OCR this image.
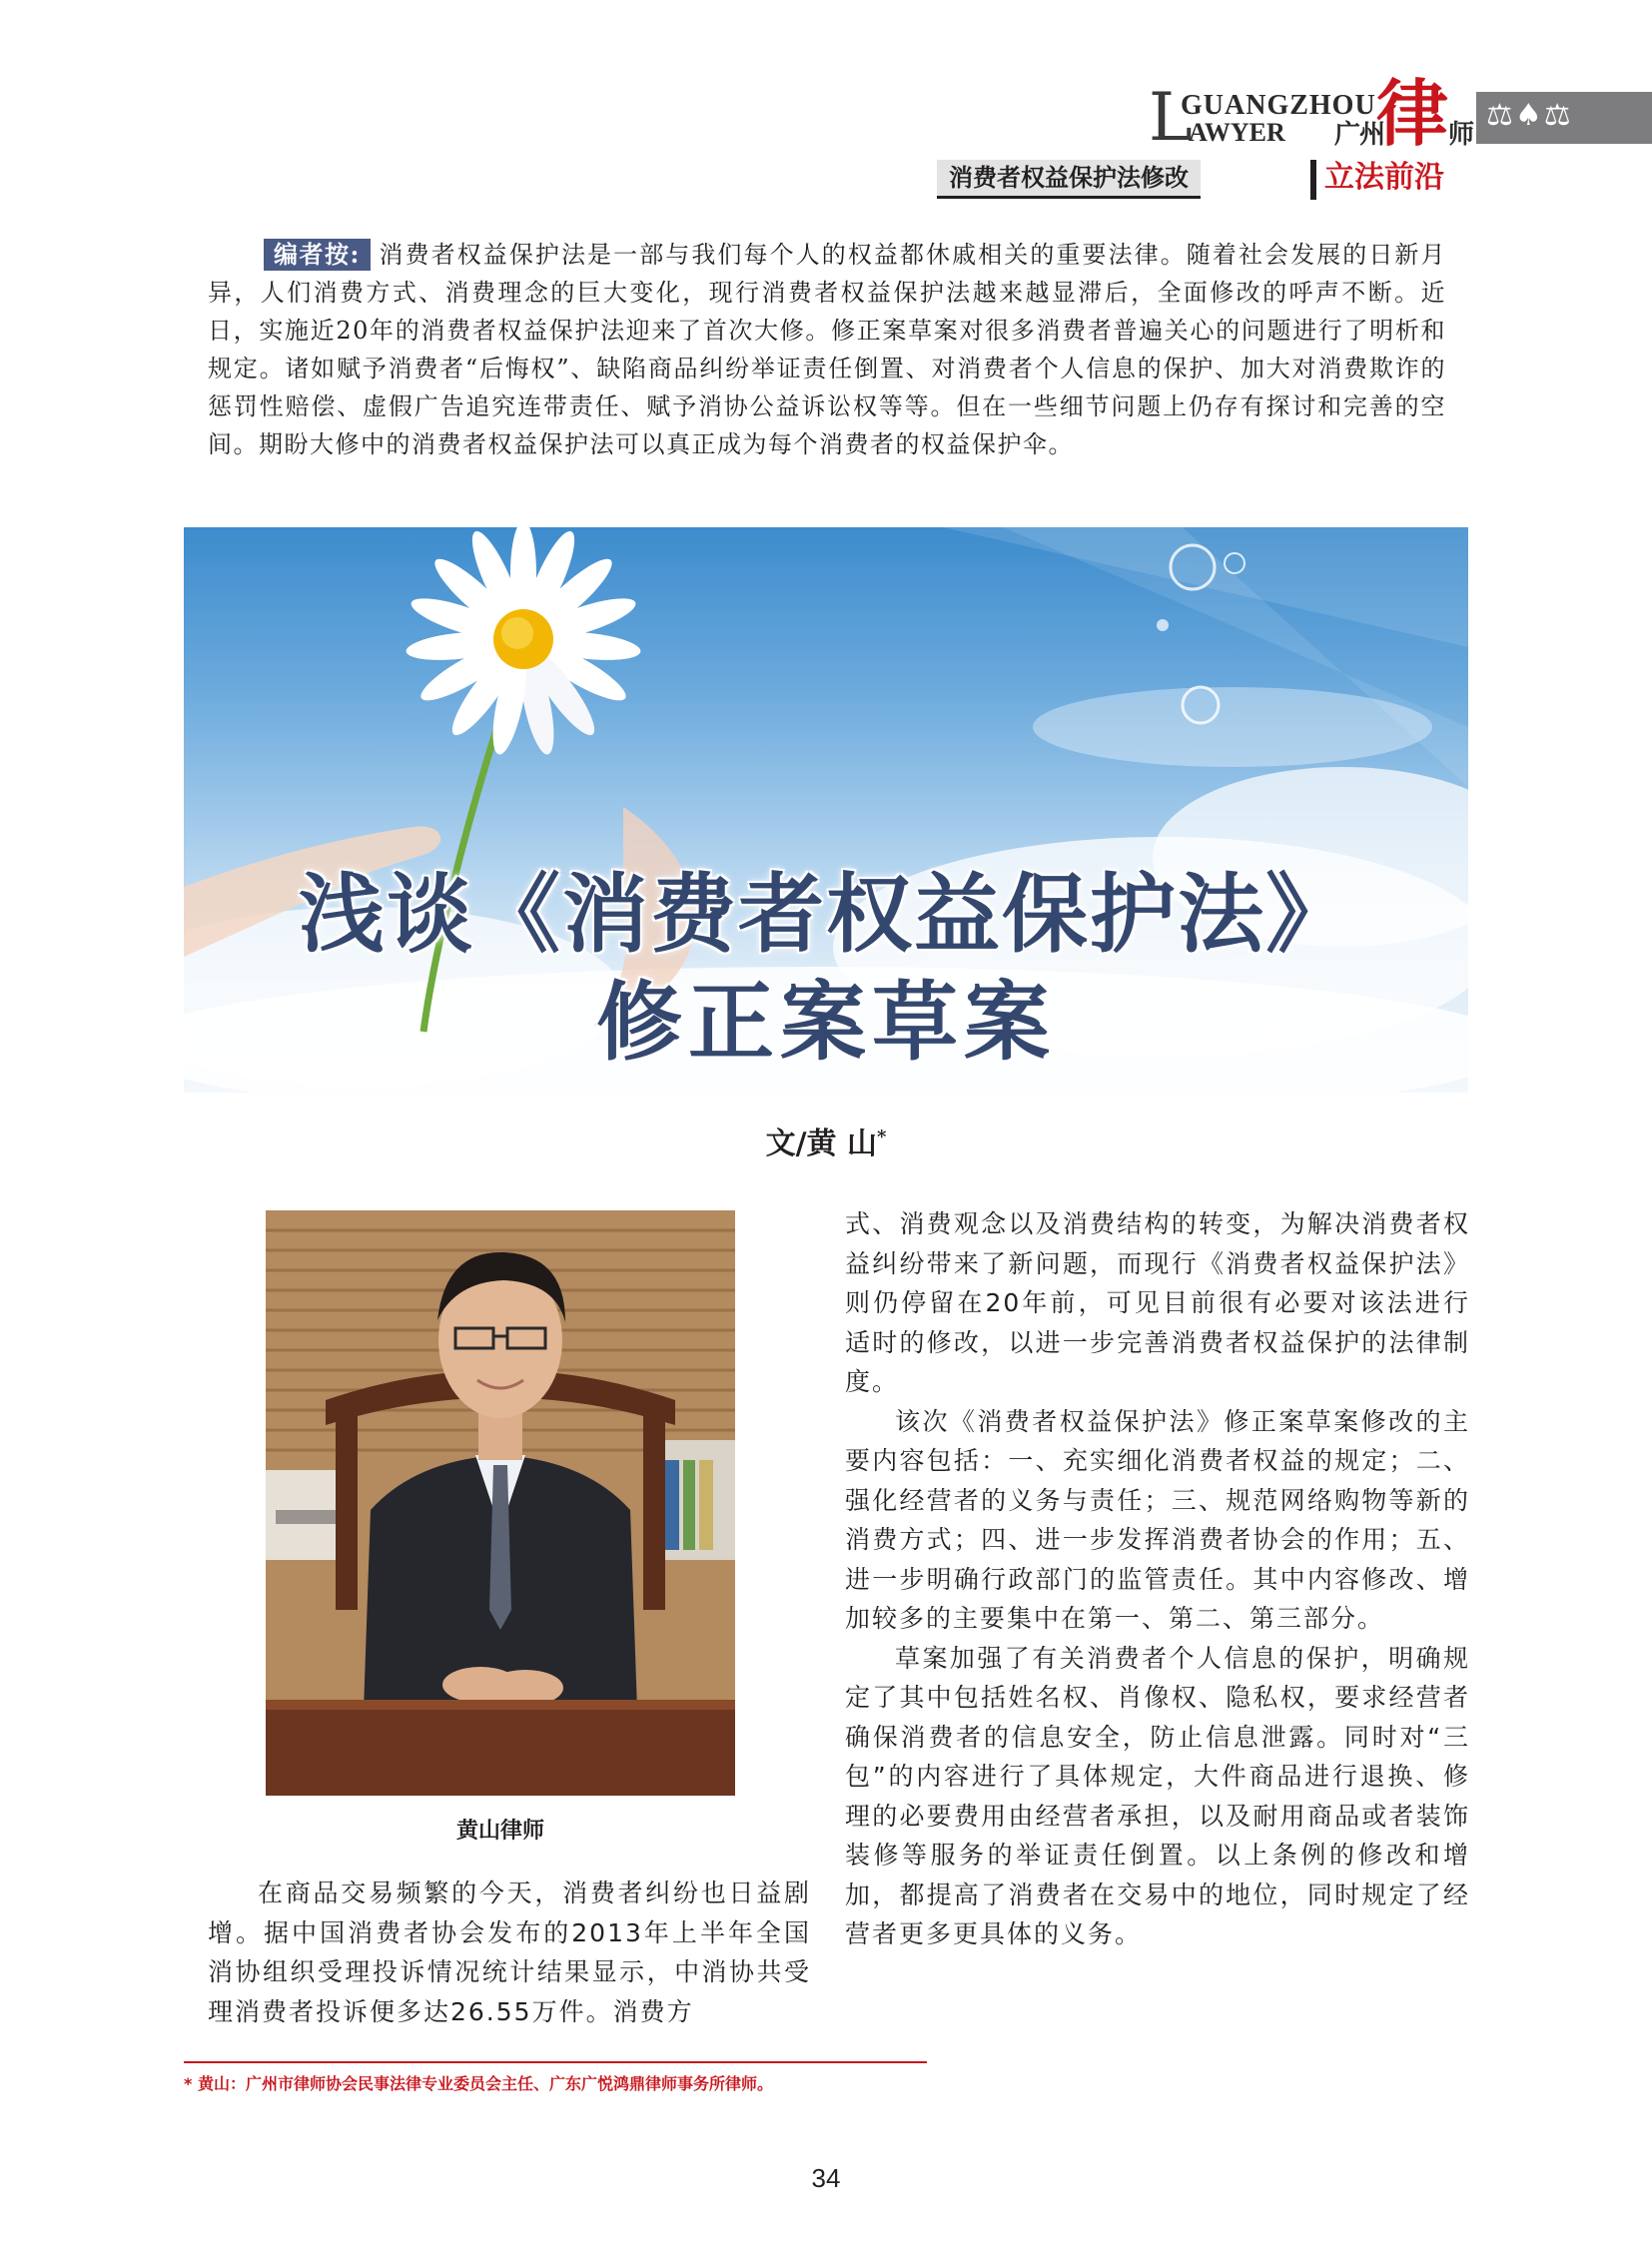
L
GUANGZHOU
AWYER 广州
律 师
⚖♠⚖
消费者权益保护法修改	立法前沿

编者按: 消费者权益保护法是一部与我们每个人的权益都休戚相关的重要法律。随着社会发展的日新月异，人们消费方式、消费理念的巨大变化，现行消费者权益保护法越来越显滞后，全面修改的呼声不断。近日，实施近20年的消费者权益保护法迎来了首次大修。修正案草案对很多消费者普遍关心的问题进行了明析和规定。诸如赋予消费者“后悔权”、缺陷商品纠纷举证责任倒置、对消费者个人信息的保护、加大对消费欺诈的惩罚性赔偿、虚假广告追究连带责任、赋予消协公益诉讼权等等。但在一些细节问题上仍存有探讨和完善的空间。期盼大修中的消费者权益保护法可以真正成为每个消费者的权益保护伞。

浅谈《消费者权益保护法》
修正案草案
文/黄 山*
黄山律师

式、消费观念以及消费结构的转变，为解决消费者权益纠纷带来了新问题，而现行《消费者权益保护法》则仍停留在20年前，可见目前很有必要对该法进行适时的修改，以进一步完善消费者权益保护的法律制度。

该次《消费者权益保护法》修正案草案修改的主要内容包括：一、充实细化消费者权益的规定；二、强化经营者的义务与责任；三、规范网络购物等新的消费方式；四、进一步发挥消费者协会的作用；五、进一步明确行政部门的监管责任。其中内容修改、增加较多的主要集中在第一、第二、第三部分。

草案加强了有关消费者个人信息的保护，明确规定了其中包括姓名权、肖像权、隐私权，要求经营者确保消费者的信息安全，防止信息泄露。同时对“三包”的内容进行了具体规定，大件商品进行退换、修理的必要费用由经营者承担，以及耐用商品或者装饰装修等服务的举证责任倒置。以上条例的修改和增加，都提高了消费者在交易中的地位，同时规定了经营者更多更具体的义务。

在商品交易频繁的今天，消费者纠纷也日益剧增。据中国消费者协会发布的2013年上半年全国消协组织受理投诉情况统计结果显示，中消协共受理消费者投诉便多达26.55万件。消费方

* 黄山：广州市律师协会民事法律专业委员会主任、广东广悦鸿鼎律师事务所律师。
34
